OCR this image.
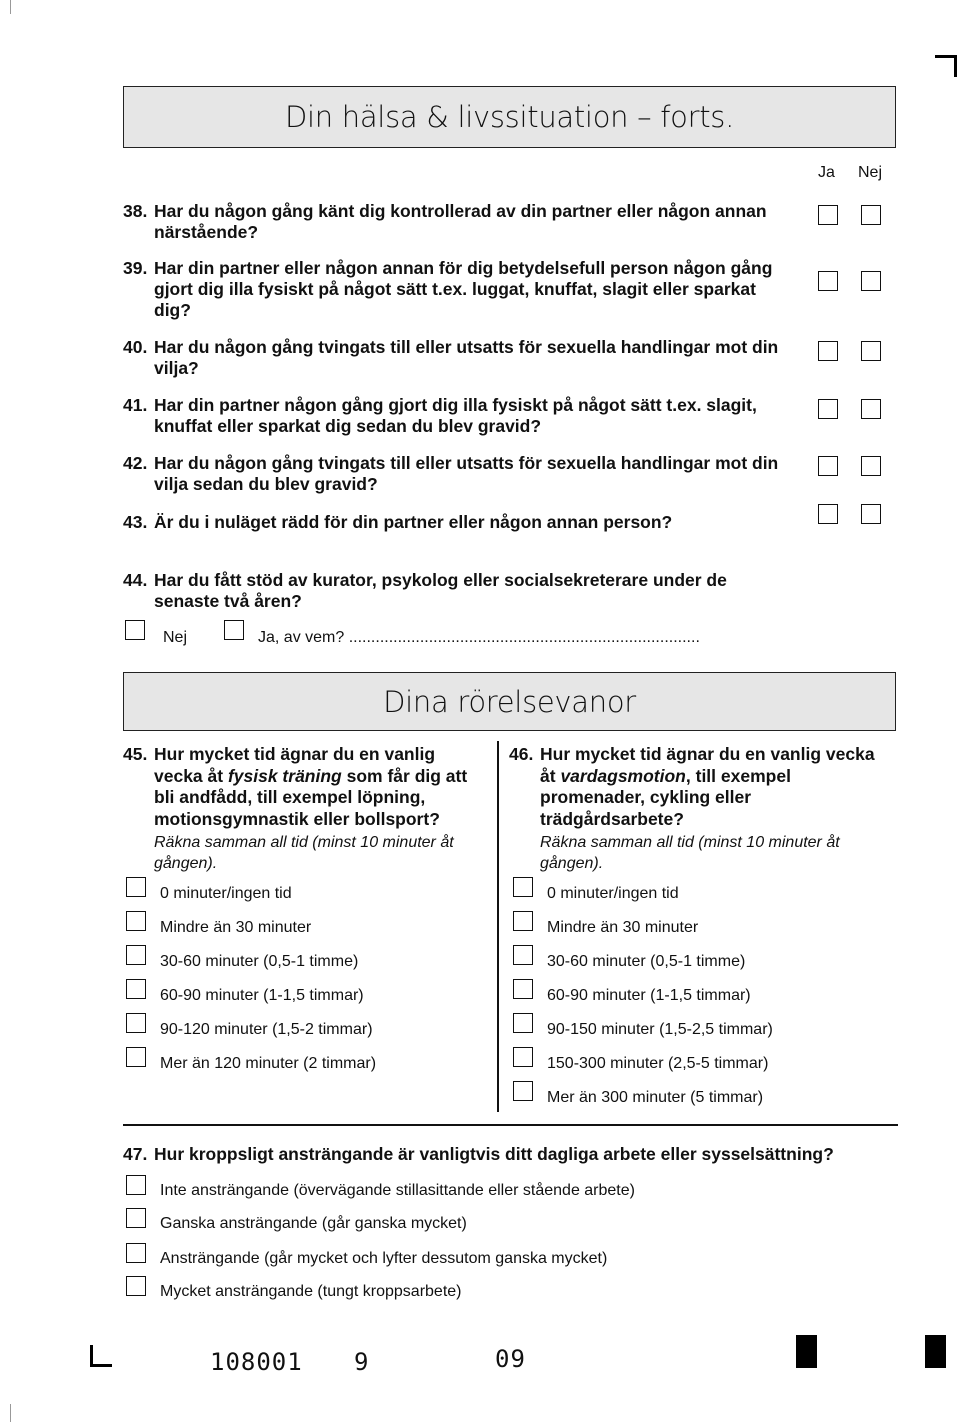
Din hälsa & livssituation – forts.
Ja Nej
38. Har du någon gång känt dig kontrollerad av din partner eller någon annan närstående?
39. Har din partner eller någon annan för dig betydelsefull person någon gång gjort dig illa fysiskt på något sätt t.ex. luggat, knuffat, slagit eller sparkat dig?
40. Har du någon gång tvingats till eller utsatts för sexuella handlingar mot din vilja?
41. Har din partner någon gång gjort dig illa fysiskt på något sätt t.ex. slagit, knuffat eller sparkat dig sedan du blev gravid?
42. Har du någon gång tvingats till eller utsatts för sexuella handlingar mot din vilja sedan du blev gravid?
43. Är du i nuläget rädd för din partner eller någon annan person?
44. Har du fått stöd av kurator, psykolog eller socialsekreterare under de senaste två åren?
Nej	Ja, av vem? ...............................................................................
Dina rörelsevanor
45. Hur mycket tid ägnar du en vanlig vecka åt fysisk träning som får dig att bli andfådd, till exempel löpning, motionsgymnastik eller bollsport?
Räkna samman all tid (minst 10 minuter åt gången).
0 minuter/ingen tid
Mindre än 30 minuter
30-60 minuter (0,5-1 timme)
60-90 minuter (1-1,5 timmar)
90-120 minuter (1,5-2 timmar)
Mer än 120 minuter (2 timmar)
46. Hur mycket tid ägnar du en vanlig vecka åt vardagsmotion, till exempel promenader, cykling eller trädgårdsarbete?
Räkna samman all tid (minst 10 minuter åt gången).
0 minuter/ingen tid
Mindre än 30 minuter
30-60 minuter (0,5-1 timme)
60-90 minuter (1-1,5 timmar)
90-150 minuter (1,5-2,5 timmar)
150-300 minuter (2,5-5 timmar)
Mer än 300 minuter (5 timmar)
47. Hur kroppsligt ansträngande är vanligtvis ditt dagliga arbete eller sysselsättning?
Inte ansträngande (övervägande stillasittande eller stående arbete)
Ganska ansträngande (går ganska mycket)
Ansträngande (går mycket och lyfter dessutom ganska mycket)
Mycket ansträngande (tungt kroppsarbete)
108001 9	09
